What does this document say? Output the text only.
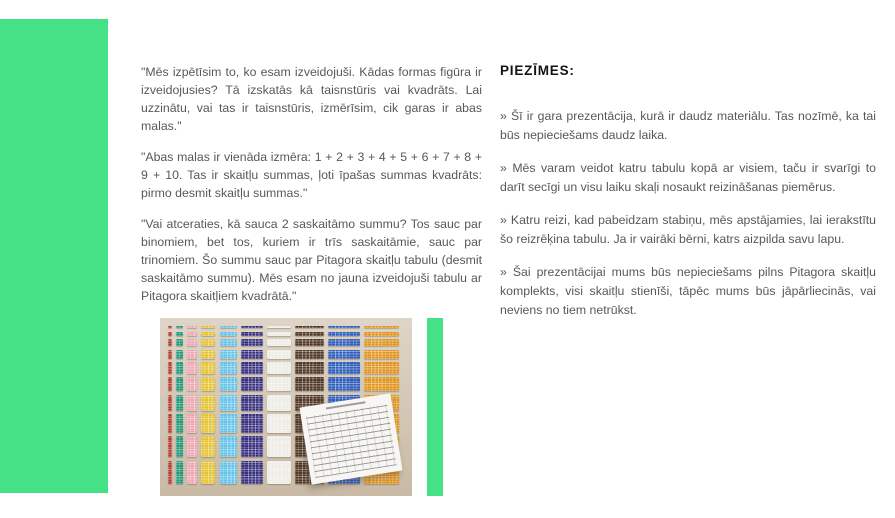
"Mēs izpētīsim to, ko esam izveidojuši. Kādas formas figūra ir izveidojusies? Tā izskatās kā taisnstūris vai kvadrāts. Lai uzzinātu, vai tas ir taisnstūris, izmērīsim, cik garas ir abas malas."

"Abas malas ir vienāda izmēra: 1 + 2 + 3 + 4 + 5 + 6 + 7 + 8 + 9 + 10. Tas ir skaitļu summas, ļoti īpašas summas kvadrāts: pirmo desmit skaitļu summas."

"Vai atceraties, kā sauca 2 saskaitāmo summu? Tos sauc par binomiem, bet tos, kuriem ir trīs saskaitāmie, sauc par trinomiem. Šo summu sauc par Pitagora skaitļu tabulu (desmit saskaitāmo summu). Mēs esam no jauna izveidojuši tabulu ar Pitagora skaitļiem kvadrātā."

PIEZĪMES:

» Šī ir gara prezentācija, kurā ir daudz materiālu. Tas nozīmē, ka tai būs nepieciešams daudz laika.

» Mēs varam veidot katru tabulu kopā ar visiem, taču ir svarīgi to darīt secīgi un visu laiku skaļi nosaukt reizināšanas piemērus.

» Katru reizi, kad pabeidzam stabiņu, mēs apstājamies, lai ierakstītu šo reizrēķina tabulu. Ja ir vairāki bērni, katrs aizpilda savu lapu.

» Šai prezentācijai mums būs nepieciešams pilns Pitagora skaitļu komplekts, visi skaitļu stienīši, tāpēc mums būs jāpārliecinās, vai neviens no tiem netrūkst.
